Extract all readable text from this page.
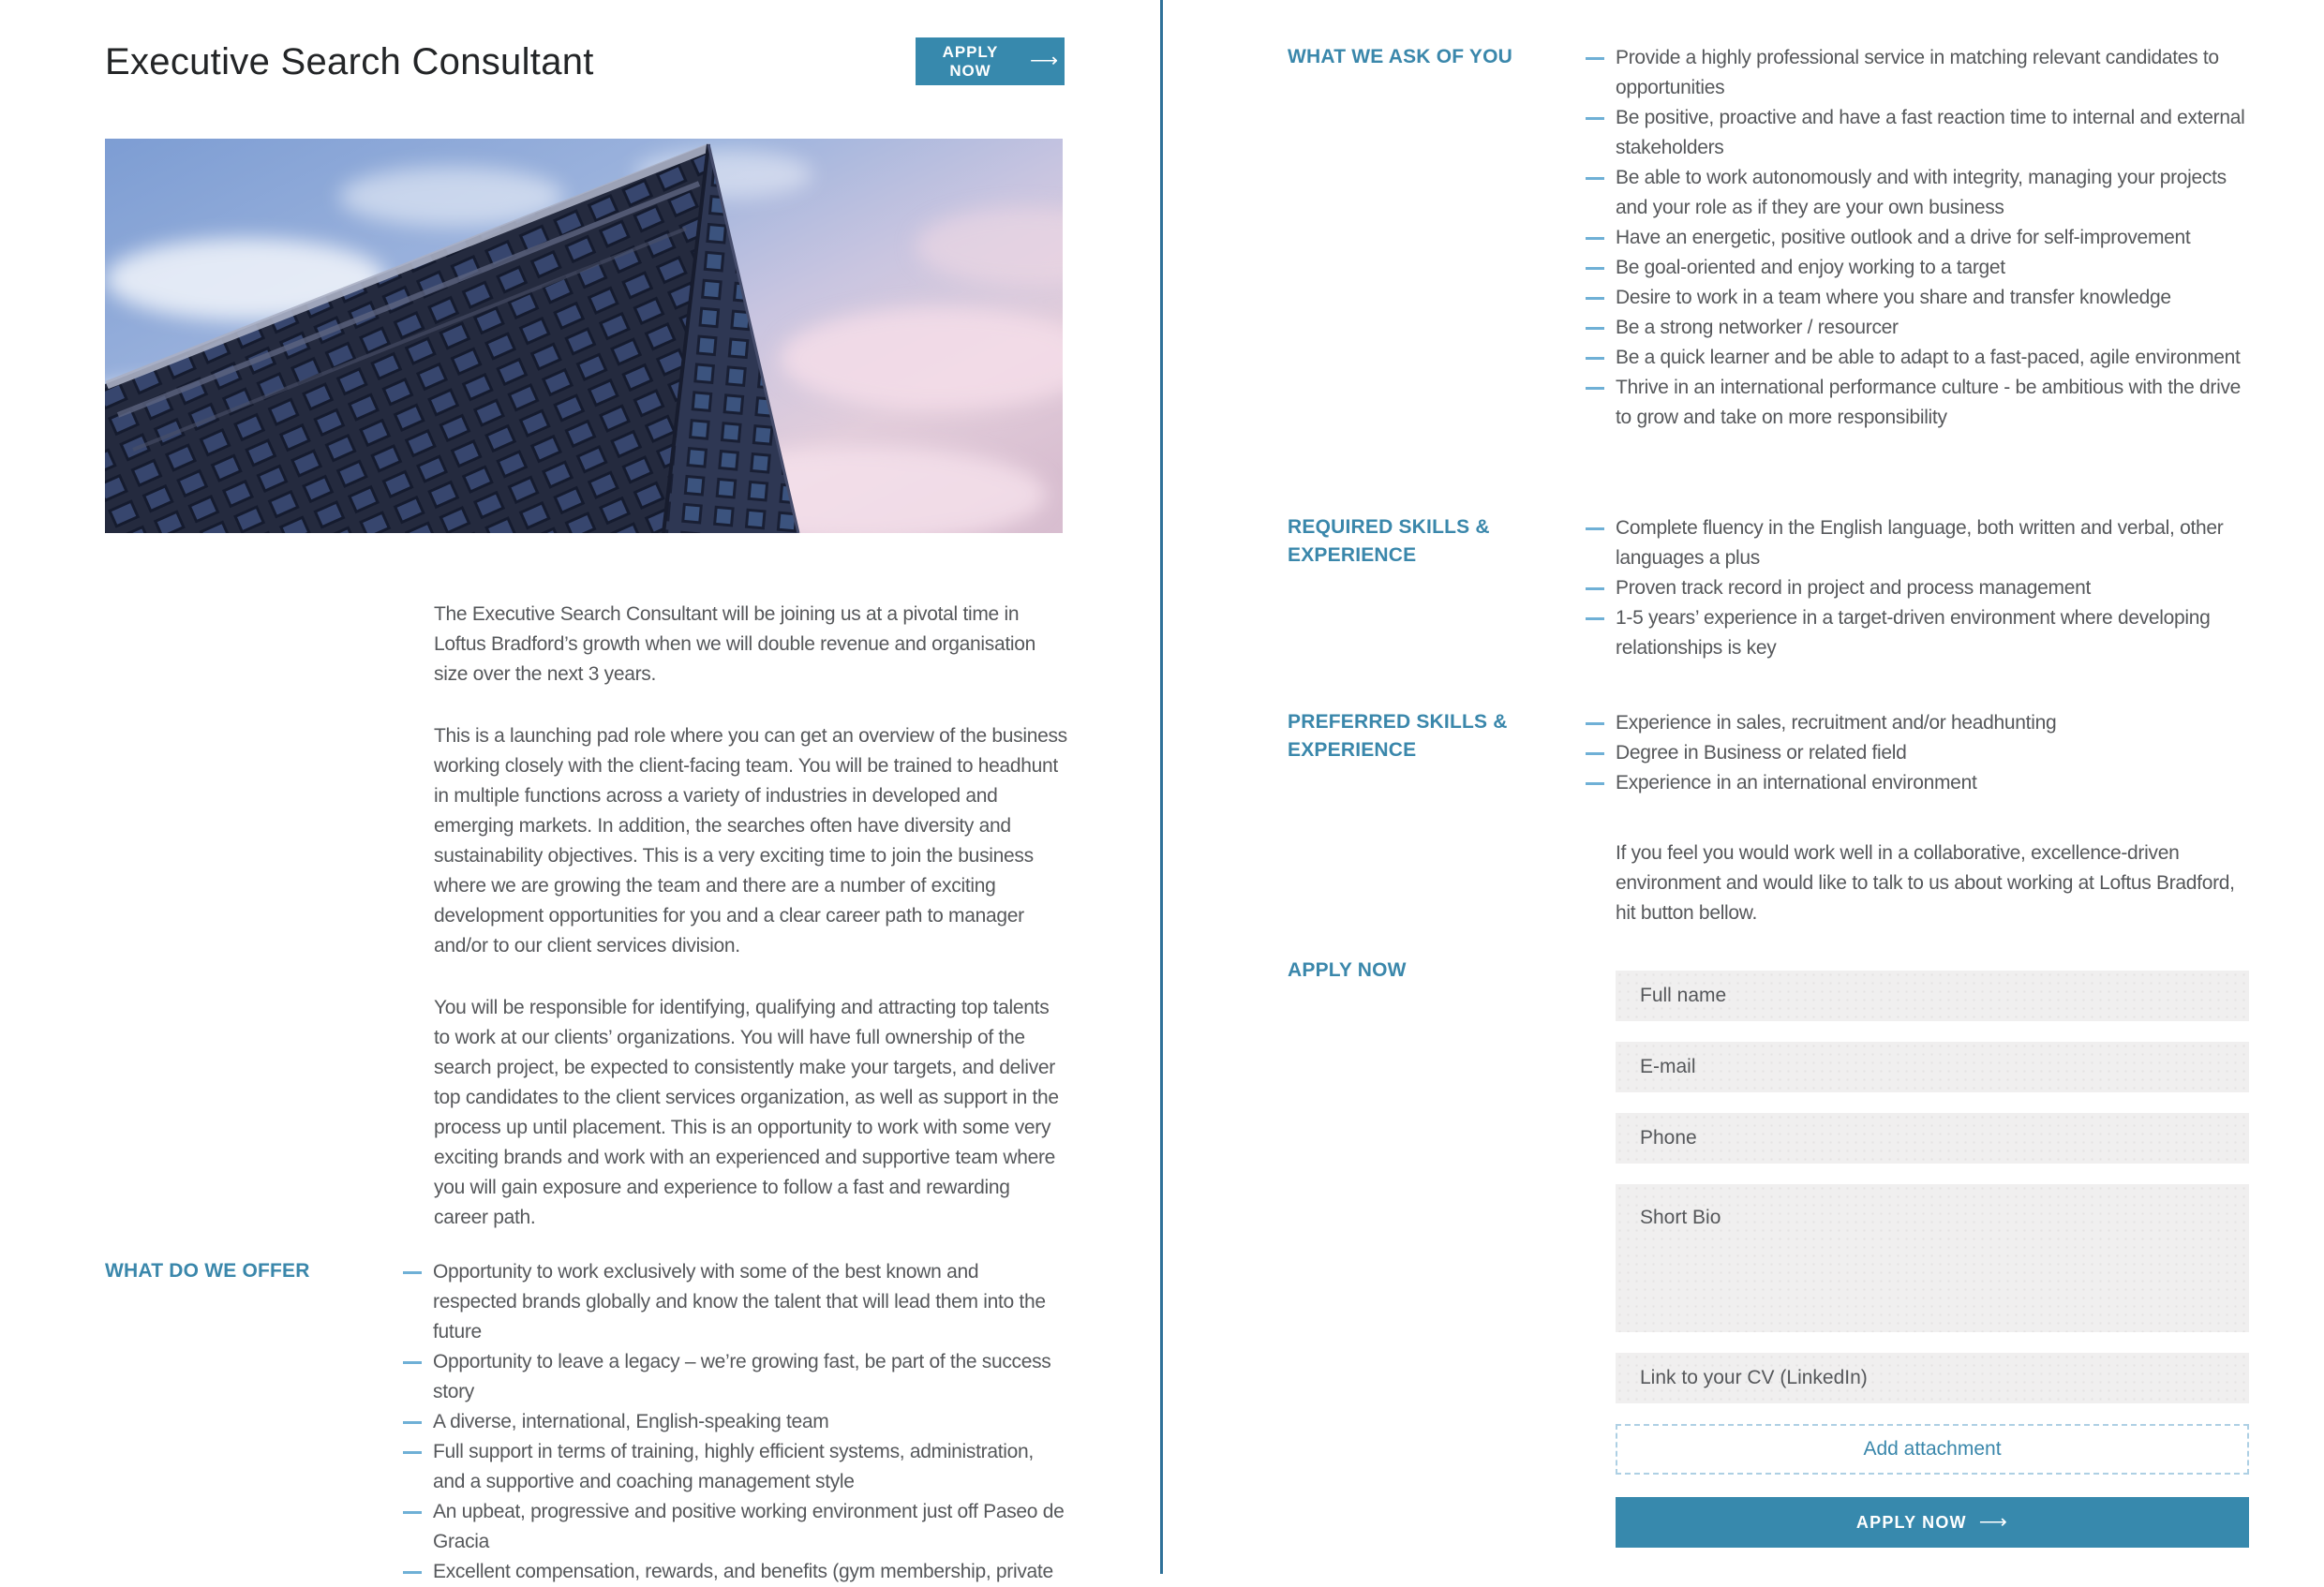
Executive Search Consultant	APPLY NOW	⟶

The Executive Search Consultant will be joining us at a pivotal time in Loftus Bradford’s growth when we will double revenue and organisation size over the next 3 years.

This is a launching pad role where you can get an overview of the business working closely with the client-facing team. You will be trained to headhunt in multiple functions across a variety of industries in developed and emerging markets. In addition, the searches often have diversity and sustainability objectives. This is a very exciting time to join the business where we are growing the team and there are a number of exciting development opportunities for you and a clear career path to manager and/or to our client services division.

You will be responsible for identifying, qualifying and attracting top talents to work at our clients’ organizations. You will have full ownership of the search project, be expected to consistently make your targets, and deliver top candidates to the client services organization, as well as support in the process up until placement. This is an opportunity to work with some very exciting brands and work with an experienced and supportive team where you will gain exposure and experience to follow a fast and rewarding career path.

WHAT DO WE OFFER	Opportunity to work exclusively with some of the best known and respected brands globally and know the talent that will lead them into the future
Opportunity to leave a legacy – we’re growing fast, be part of the success story
A diverse, international, English-speaking team
Full support in terms of training, highly efficient systems, administration, and a supportive and coaching management style
An upbeat, progressive and positive working environment just off Paseo de Gracia
Excellent compensation, rewards, and benefits (gym membership, private
WHAT WE ASK OF YOU	Provide a highly professional service in matching relevant candidates to opportunities
Be positive, proactive and have a fast reaction time to internal and external stakeholders
Be able to work autonomously and with integrity, managing your projects and your role as if they are your own business
Have an energetic, positive outlook and a drive for self-improvement
Be goal-oriented and enjoy working to a target
Desire to work in a team where you share and transfer knowledge
Be a strong networker / resourcer
Be a quick learner and be able to adapt to a fast-paced, agile environment
Thrive in an international performance culture - be ambitious with the drive to grow and take on more responsibility
REQUIRED SKILLS & EXPERIENCE
Complete fluency in the English language, both written and verbal, other languages a plus
Proven track record in project and process management
1-5 years’ experience in a target-driven environment where developing relationships is key
PREFERRED SKILLS & EXPERIENCE
Experience in sales, recruitment and/or headhunting
Degree in Business or related field
Experience in an international environment

If you feel you would work well in a collaborative, excellence-driven environment and would like to talk to us about working at Loftus Bradford, hit button bellow.

APPLY NOW
Full name
E-mail
Phone
Short Bio
Link to your CV (LinkedIn)
Add attachment
APPLY NOW ⟶
